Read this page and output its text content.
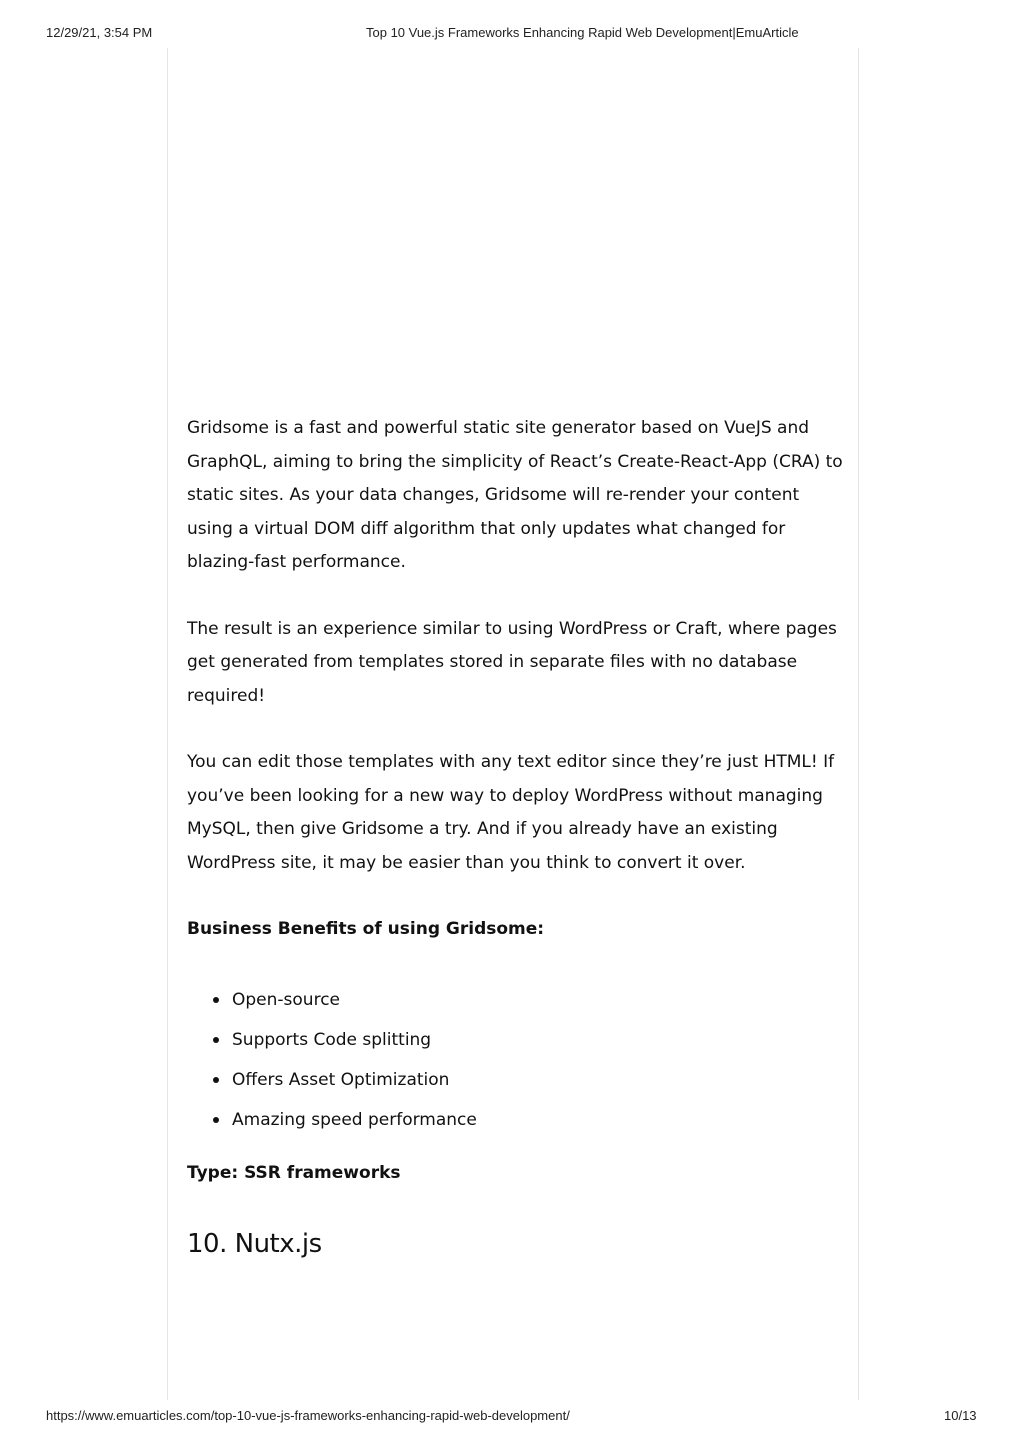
12/29/21, 3:54 PM	Top 10 Vue.js Frameworks Enhancing Rapid Web Development|EmuArticle

Gridsome is a fast and powerful static site generator based on VueJS and GraphQL, aiming to bring the simplicity of React’s Create-React-App (CRA) to static sites. As your data changes, Gridsome will re-render your content using a virtual DOM diff algorithm that only updates what changed for blazing-fast performance.

The result is an experience similar to using WordPress or Craft, where pages get generated from templates stored in separate files with no database required!

You can edit those templates with any text editor since they’re just HTML! If you’ve been looking for a new way to deploy WordPress without managing MySQL, then give Gridsome a try. And if you already have an existing WordPress site, it may be easier than you think to convert it over.

Business Benefits of using Gridsome:

Open-source
Supports Code splitting
Offers Asset Optimization
Amazing speed performance

Type: SSR frameworks

10. Nutx.js
https://www.emuarticles.com/top-10-vue-js-frameworks-enhancing-rapid-web-development/	10/13
